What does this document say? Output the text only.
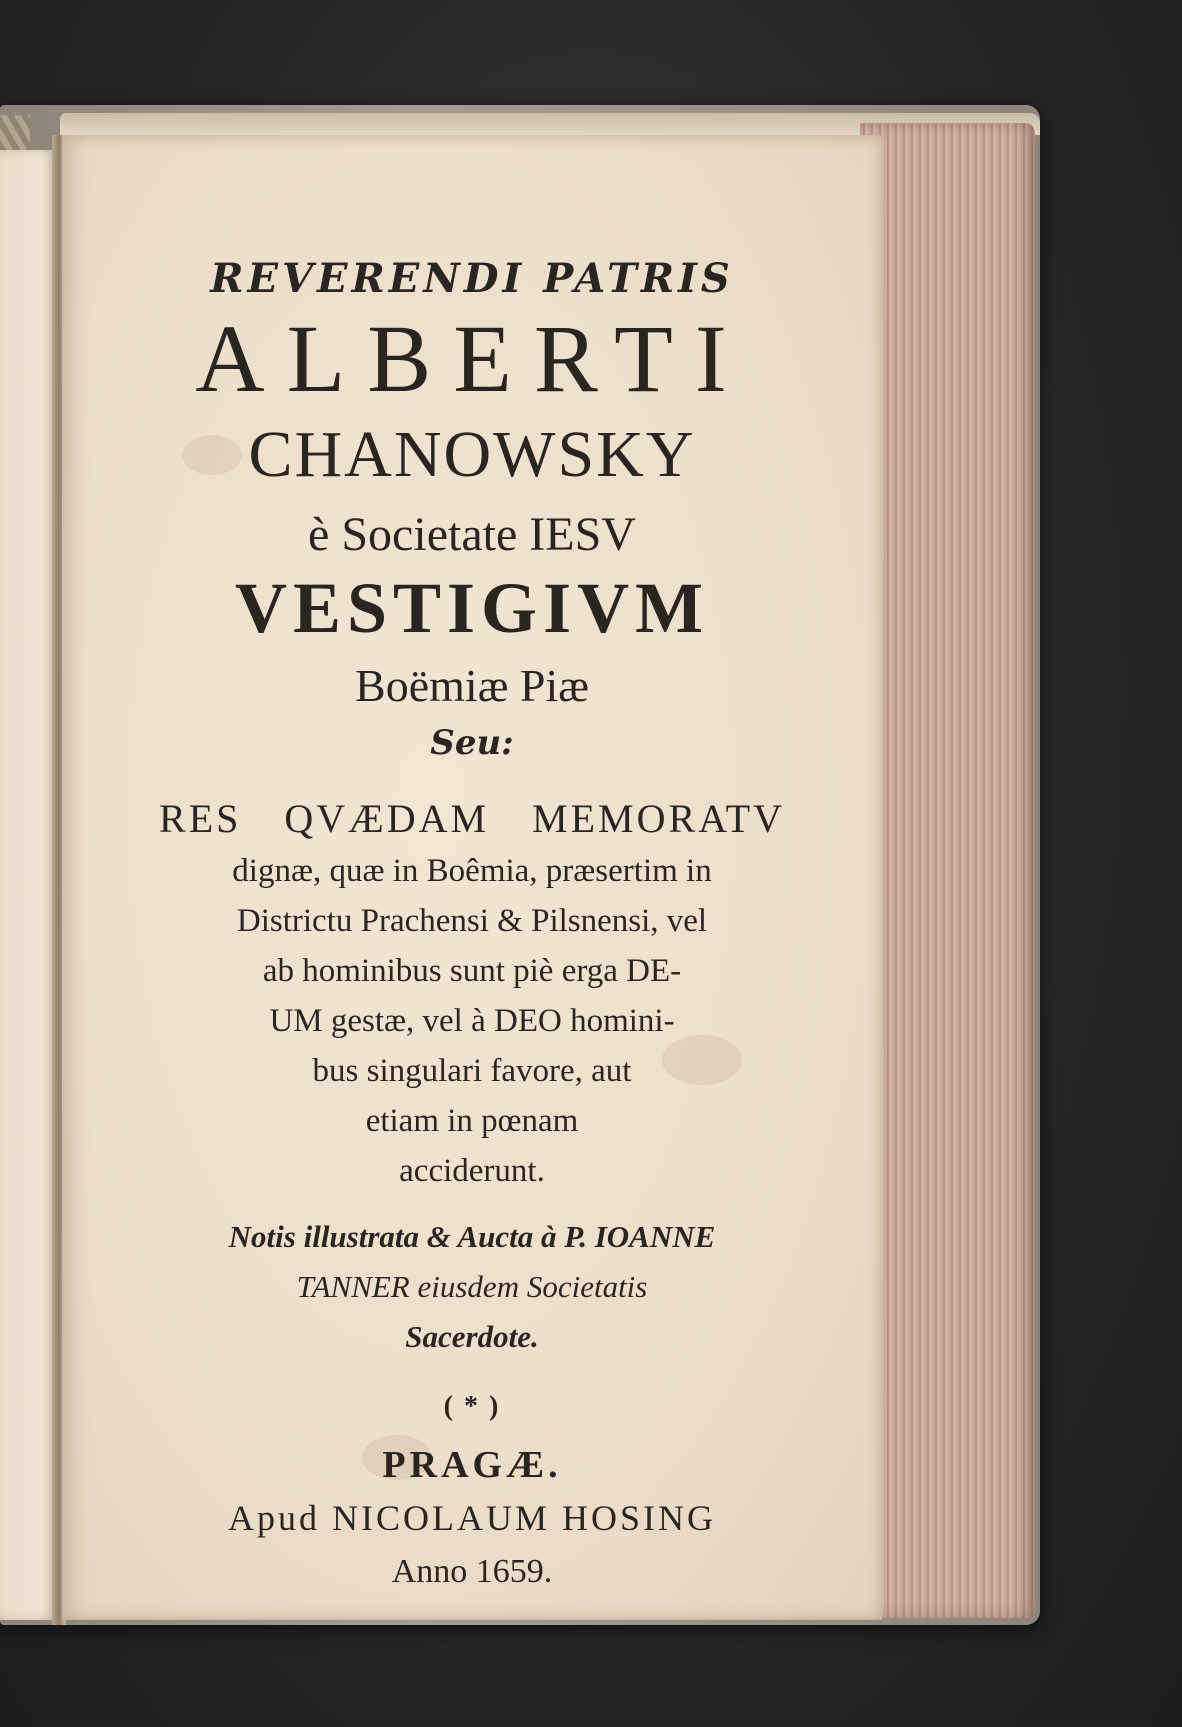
REVERENDI PATRIS

ALBERTI

CHANOWSKY

è Societate IESV

VESTIGIVM

Boëmiæ Piæ

Seu:

RES QVÆDAM MEMORATV

dignæ, quæ in Boêmia, præsertim in

Districtu Prachensi & Pilsnensi, vel

ab hominibus sunt piè erga DE-

UM gestæ, vel à DEO homini-

bus singulari favore, aut

etiam in pœnam

acciderunt.

Notis illustrata & Aucta à P. IOANNE

TANNER eiusdem Societatis

Sacerdote.

( * )

PRAGÆ.

Apud NICOLAUM HOSING

Anno 1659.
